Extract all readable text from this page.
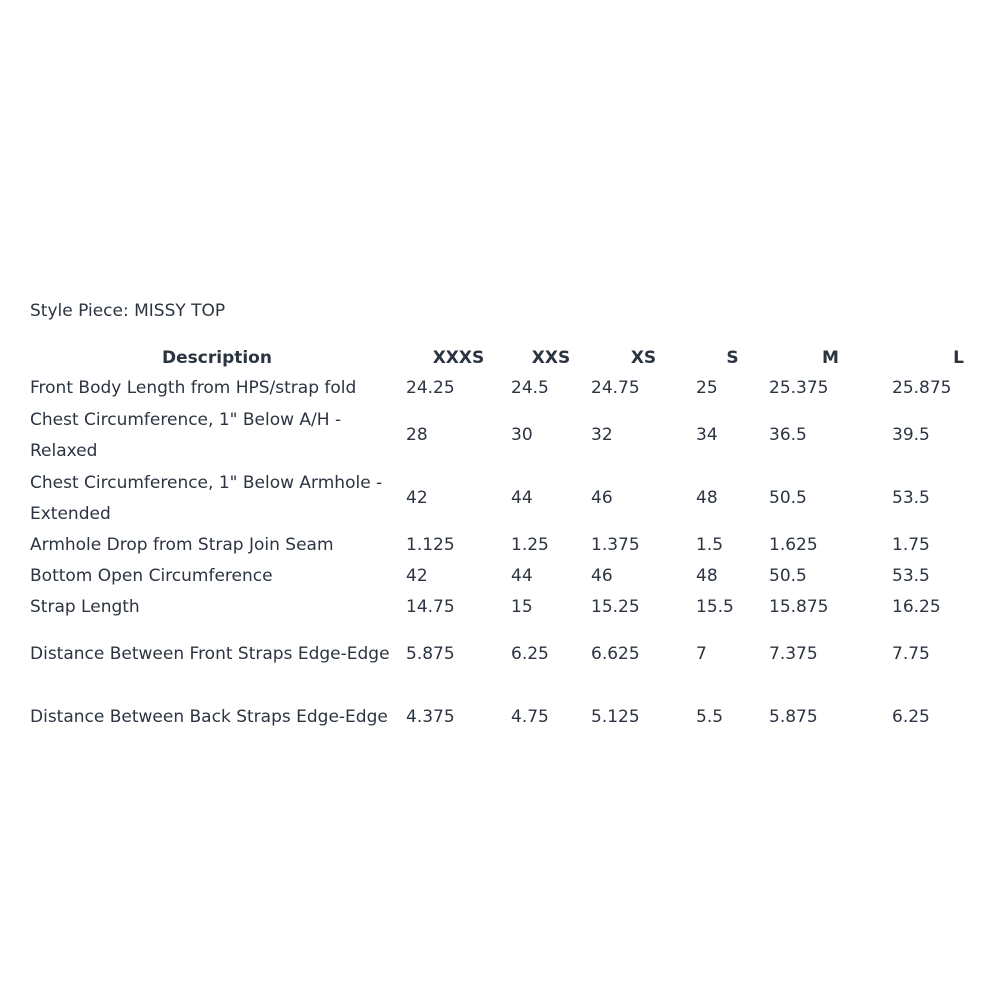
Style Piece: MISSY TOP
Description	XXXS	XXS	XS	S	M	L
Front Body Length from HPS/strap fold	24.25	24.5	24.75	25	25.375	25.875
Chest Circumference, 1" Below A/H - Relaxed	28	30	32	34	36.5	39.5
Chest Circumference, 1" Below Armhole - Extended	42	44	46	48	50.5	53.5
Armhole Drop from Strap Join Seam	1.125	1.25	1.375	1.5	1.625	1.75
Bottom Open Circumference	42	44	46	48	50.5	53.5
Strap Length	14.75	15	15.25	15.5	15.875	16.25
Distance Between Front Straps Edge-Edge	5.875	6.25	6.625	7	7.375	7.75
Distance Between Back Straps Edge-Edge	4.375	4.75	5.125	5.5	5.875	6.25
